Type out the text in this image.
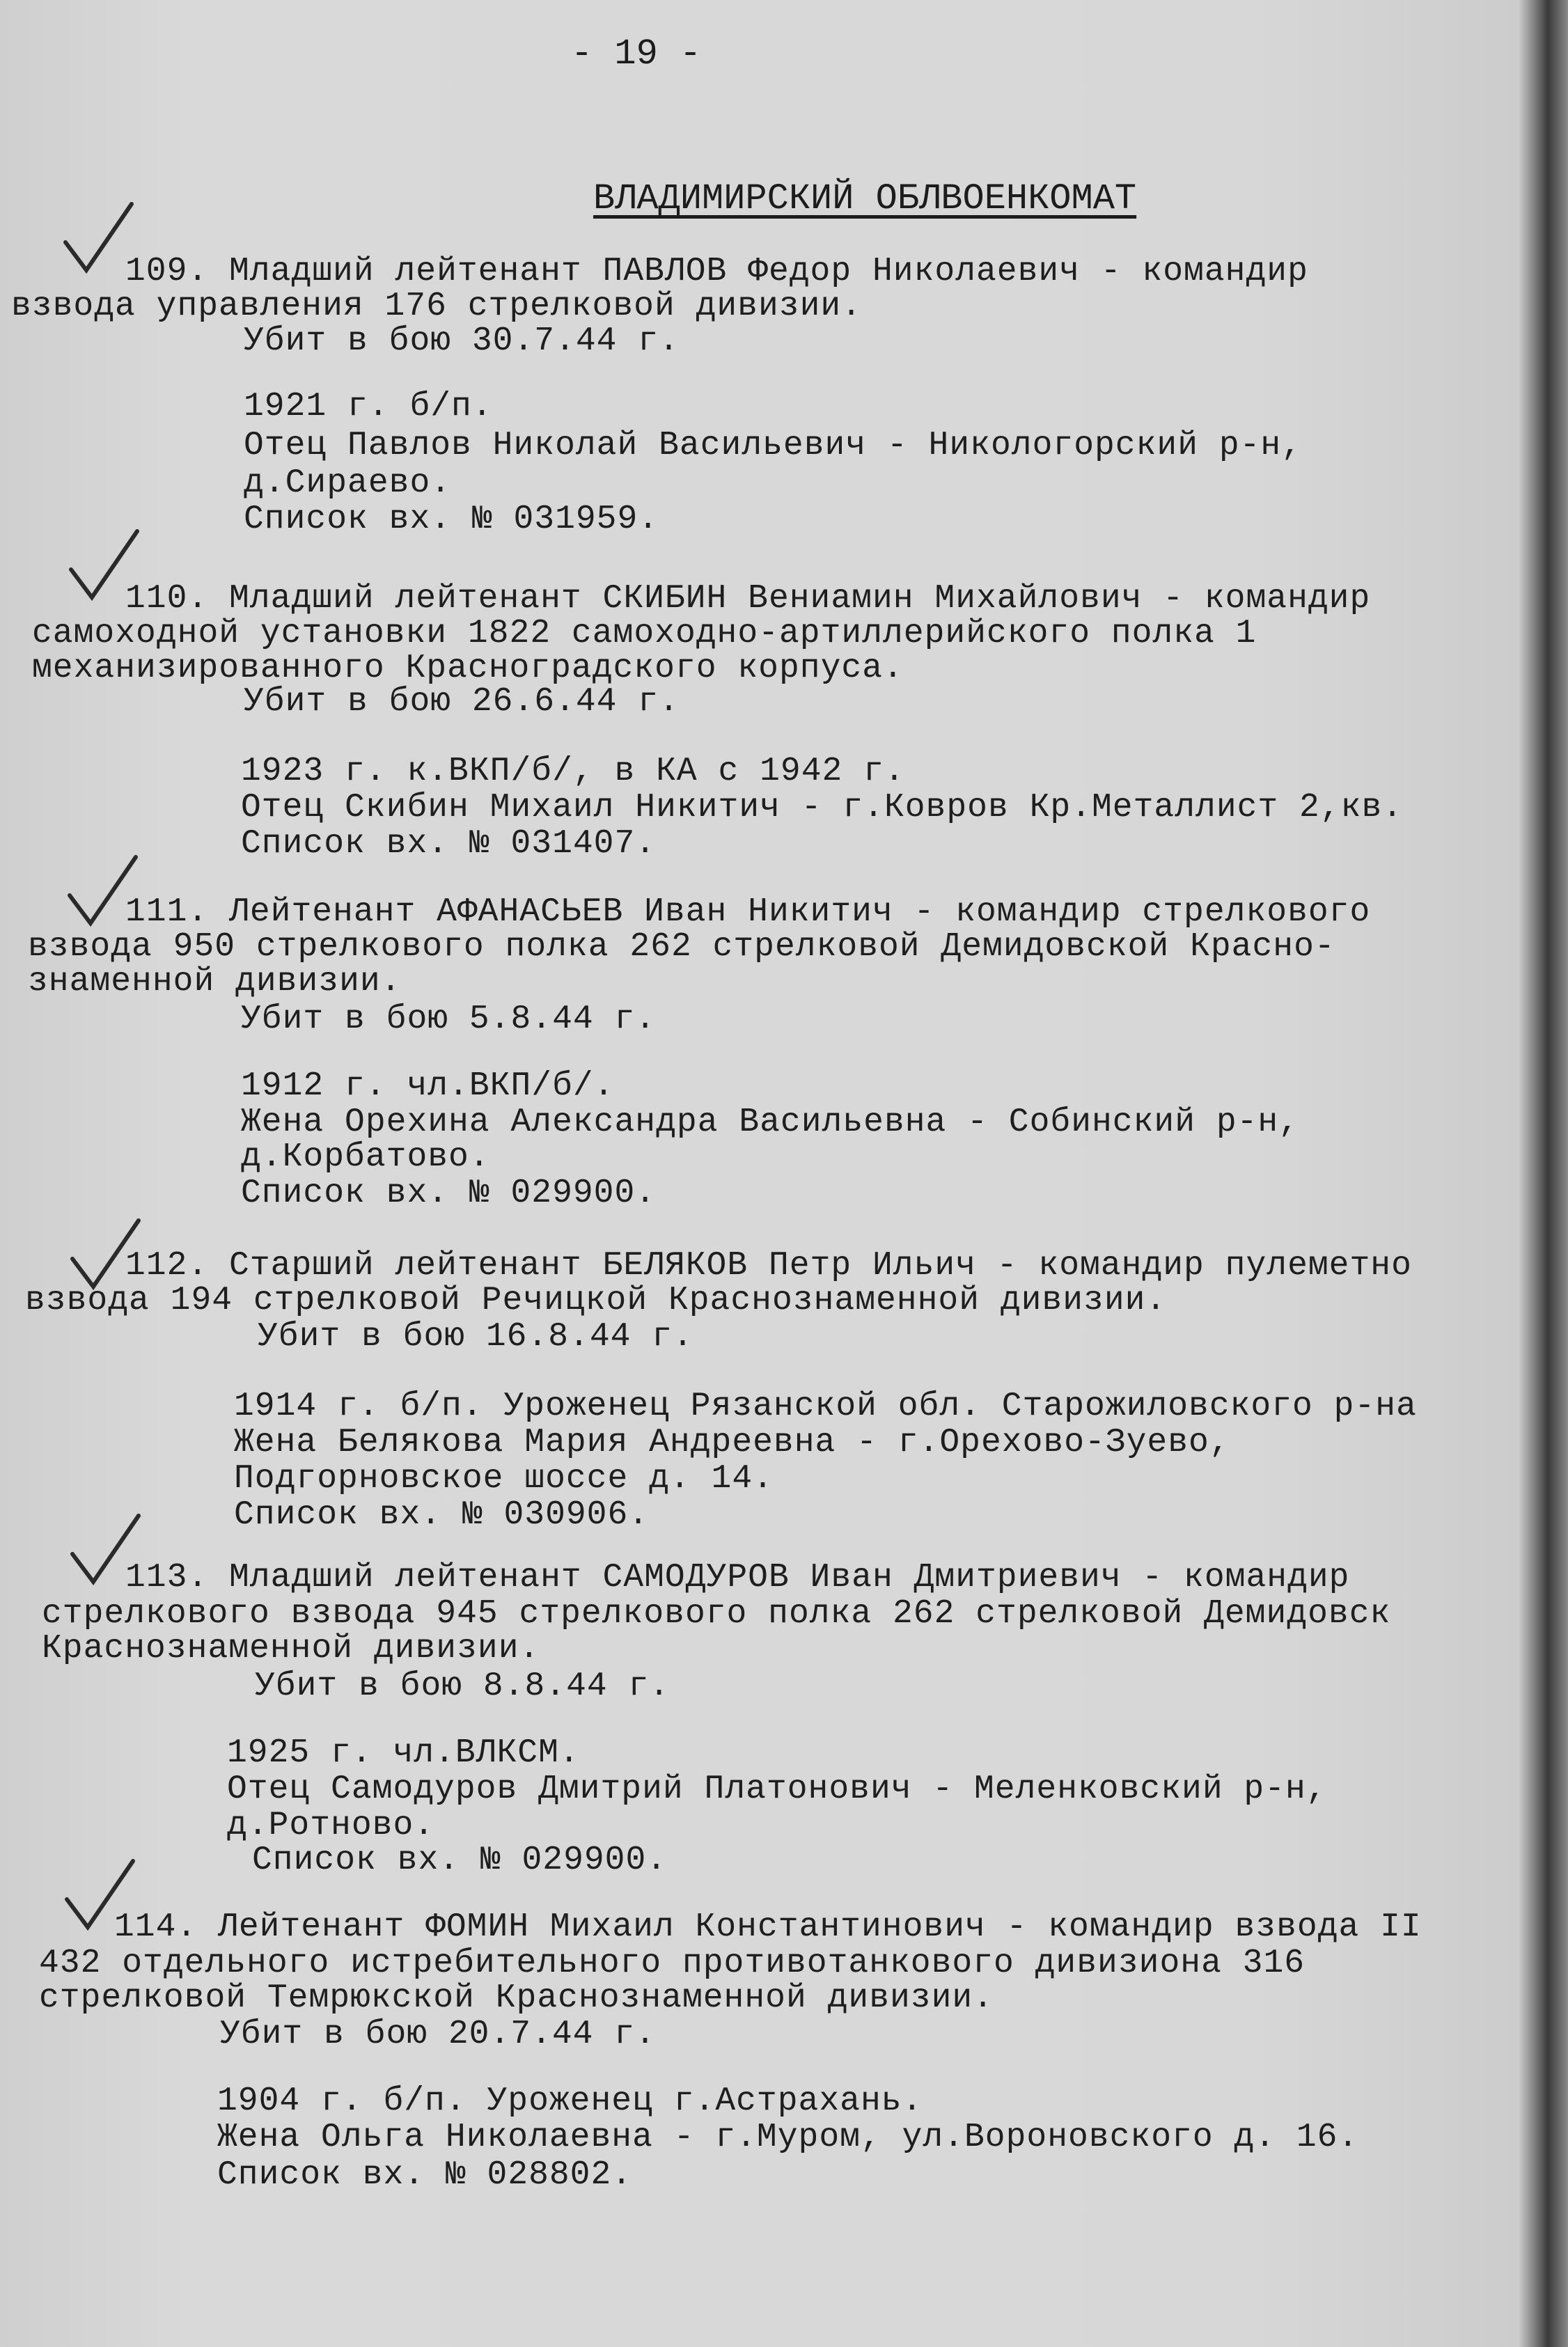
- 19 -
ВЛАДИМИРСКИЙ ОБЛВОЕНКОМАТ
109. Младший лейтенант ПАВЛОВ Федор Николаевич - командир
взвода управления 176 стрелковой дивизии.
Убит в бою 30.7.44 г.
1921 г. б/п.
Отец Павлов Николай Васильевич - Никологорский р-н,
д.Сираево.
Список вх. № 031959.
110. Младший лейтенант СКИБИН Вениамин Михайлович - командир
самоходной установки 1822 самоходно-артиллерийского полка 1
механизированного Красноградского корпуса.
Убит в бою 26.6.44 г.
1923 г. к.ВКП/б/, в КА с 1942 г.
Отец Скибин Михаил Никитич - г.Ковров Кр.Металлист 2,кв.
Список вх. № 031407.
111. Лейтенант АФАНАСЬЕВ Иван Никитич - командир стрелкового
взвода 950 стрелкового полка 262 стрелковой Демидовской Красно-
знаменной дивизии.
Убит в бою 5.8.44 г.
1912 г. чл.ВКП/б/.
Жена Орехина Александра Васильевна - Собинский р-н,
д.Корбатово.
Список вх. № 029900.
112. Старший лейтенант БЕЛЯКОВ Петр Ильич - командир пулеметно
взвода 194 стрелковой Речицкой Краснознаменной дивизии.
Убит в бою 16.8.44 г.
1914 г. б/п. Уроженец Рязанской обл. Старожиловского р-на
Жена Белякова Мария Андреевна - г.Орехово-Зуево,
Подгорновское шоссе д. 14.
Список вх. № 030906.
113. Младший лейтенант САМОДУРОВ Иван Дмитриевич - командир
стрелкового взвода 945 стрелкового полка 262 стрелковой Демидовск
Краснознаменной дивизии.
Убит в бою 8.8.44 г.
1925 г. чл.ВЛКСМ.
Отец Самодуров Дмитрий Платонович - Меленковский р-н,
д.Ротново.
Список вх. № 029900.
114. Лейтенант ФОМИН Михаил Константинович - командир взвода II
432 отдельного истребительного противотанкового дивизиона 316
стрелковой Темрюкской Краснознаменной дивизии.
Убит в бою 20.7.44 г.
1904 г. б/п. Уроженец г.Астрахань.
Жена Ольга Николаевна - г.Муром, ул.Вороновского д. 16.
Список вх. № 028802.
